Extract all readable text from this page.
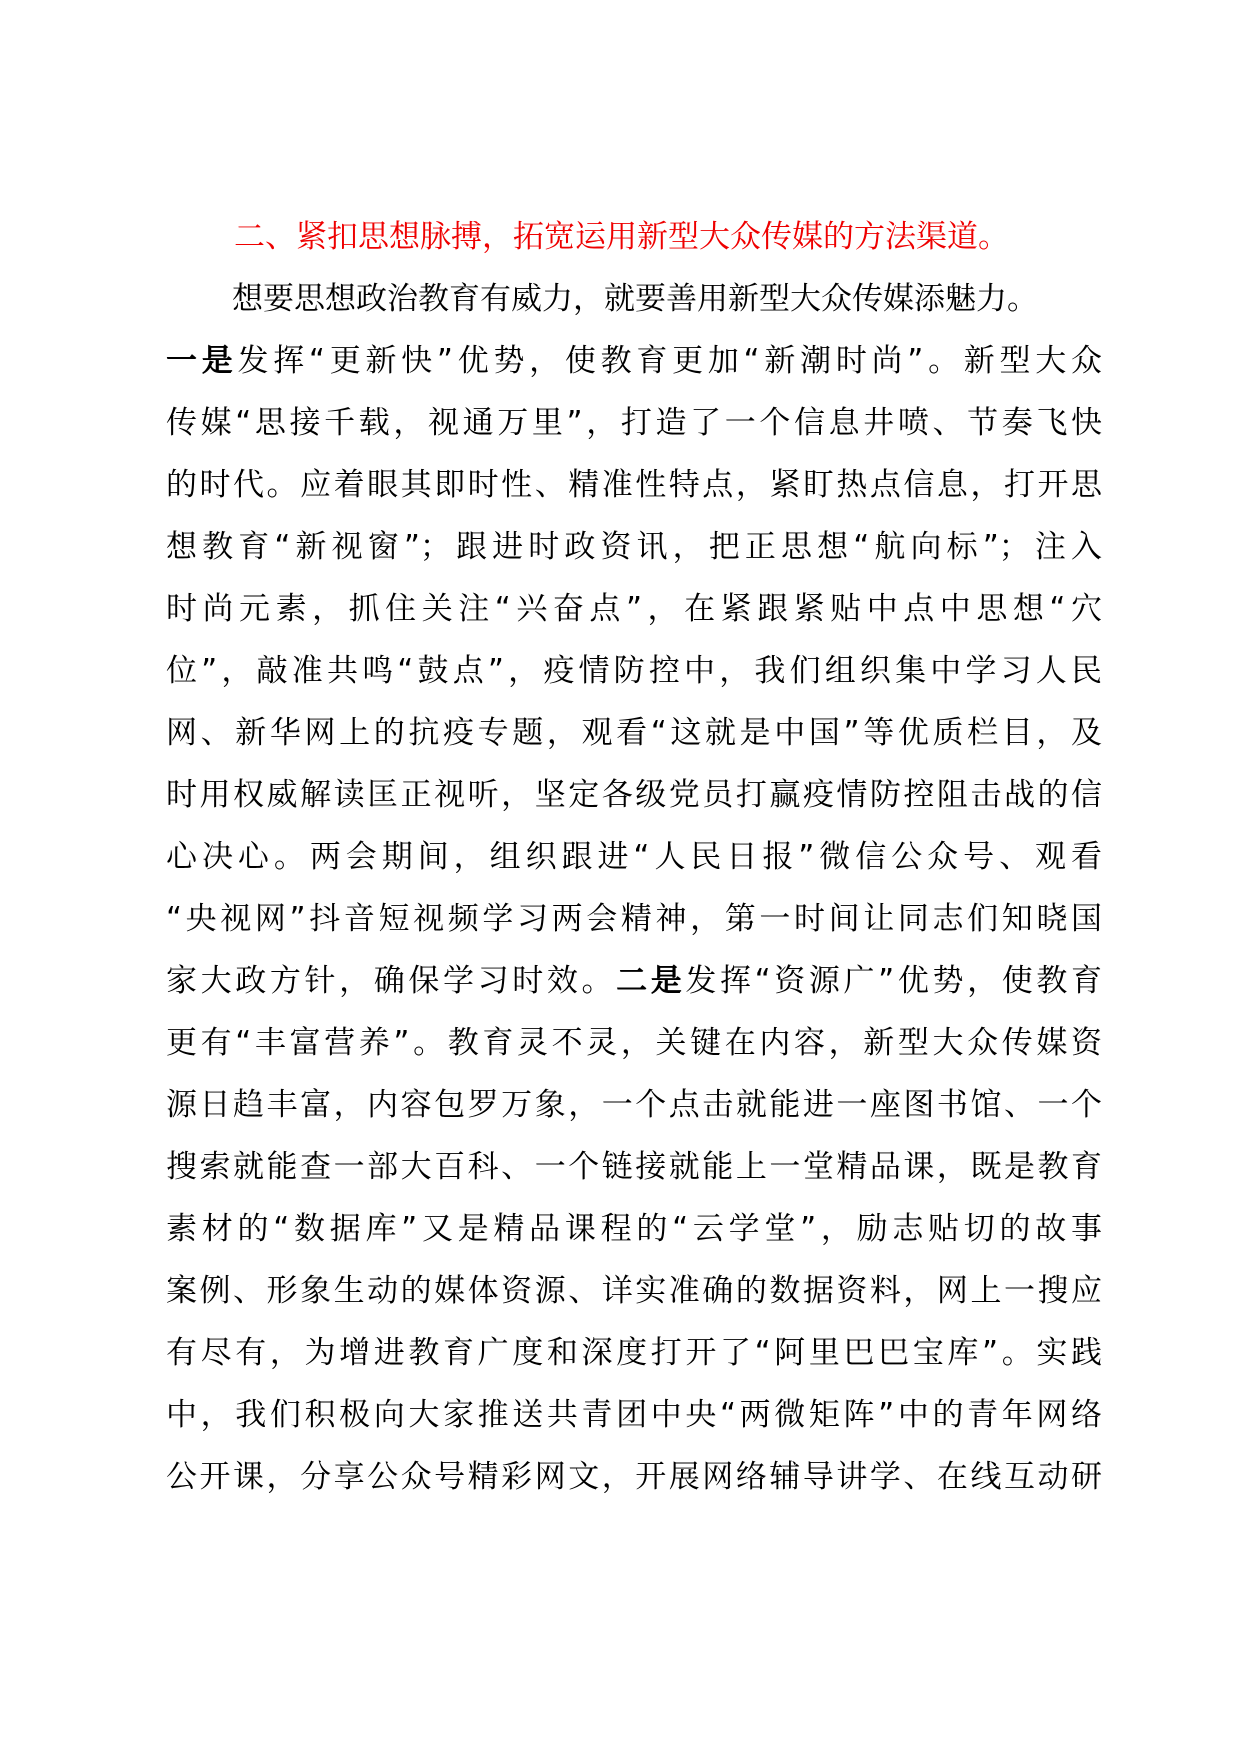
二、紧扣思想脉搏，拓宽运用新型大众传媒的方法渠道。
想要思想政治教育有威力，就要善用新型大众传媒添魅力。
一是发挥“更新快”优势，使教育更加“新潮时尚”。新型大众
传媒“思接千载，视通万里”，打造了一个信息井喷、节奏飞快
的时代。应着眼其即时性、精准性特点，紧盯热点信息，打开思
想教育“新视窗”；跟进时政资讯，把正思想“航向标”；注入
时尚元素，抓住关注“兴奋点”，在紧跟紧贴中点中思想“穴
位”，敲准共鸣“鼓点”，疫情防控中，我们组织集中学习人民
网、新华网上的抗疫专题，观看“这就是中国”等优质栏目，及
时用权威解读匡正视听，坚定各级党员打赢疫情防控阻击战的信
心决心。两会期间，组织跟进“人民日报”微信公众号、观看
“央视网”抖音短视频学习两会精神，第一时间让同志们知晓国
家大政方针，确保学习时效。二是发挥“资源广”优势，使教育
更有“丰富营养”。教育灵不灵，关键在内容，新型大众传媒资
源日趋丰富，内容包罗万象，一个点击就能进一座图书馆、一个
搜索就能查一部大百科、一个链接就能上一堂精品课，既是教育
素材的“数据库”又是精品课程的“云学堂”，励志贴切的故事
案例、形象生动的媒体资源、详实准确的数据资料，网上一搜应
有尽有，为增进教育广度和深度打开了“阿里巴巴宝库”。实践
中，我们积极向大家推送共青团中央“两微矩阵”中的青年网络
公开课，分享公众号精彩网文，开展网络辅导讲学、在线互动研
